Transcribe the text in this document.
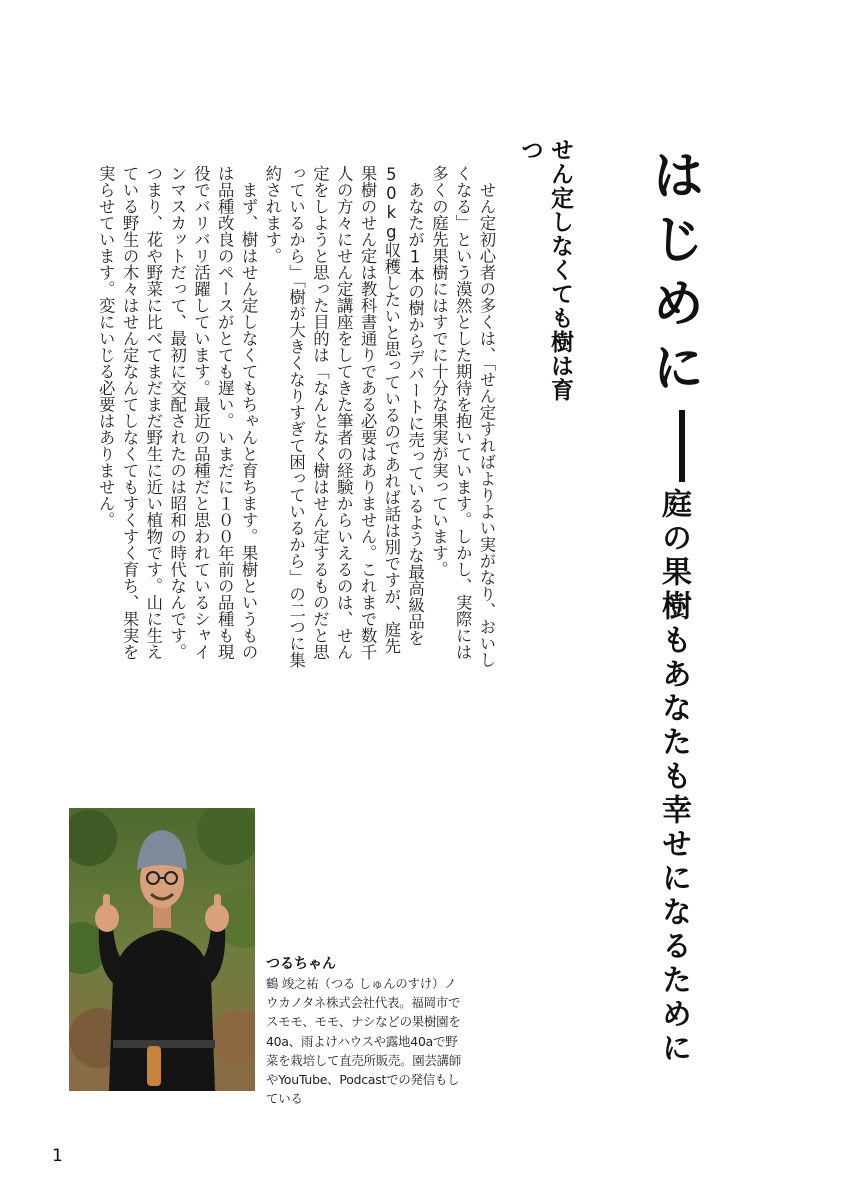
はじめに庭の果樹もあなたも幸せになるために
せん定しなくても樹は育つ

　せん定初心者の多くは、「せん定すればよりよい実がなり、おいしくなる」という漠然とした期待を抱いています。しかし、実際には多くの庭先果樹にはすでに十分な果実が実っています。

　あなたが1本の樹からデパートに売っているような最高級品を50kg収穫したいと思っているのであれば話は別ですが、庭先果樹のせん定は教科書通りである必要はありません。これまで数千人の方々にせん定講座をしてきた筆者の経験からいえるのは、せん定をしようと思った目的は「なんとなく樹はせん定するものだと思っているから」「樹が大きくなりすぎて困っているから」の二つに集約されます。

　まず、樹はせん定しなくてもちゃんと育ちます。果樹というものは品種改良のペースがとても遅い。いまだに１００年前の品種も現役でバリバリ活躍しています。最近の品種だと思われているシャインマスカットだって、最初に交配されたのは昭和の時代なんです。つまり、花や野菜に比べてまだまだ野生に近い植物です。山に生えている野生の木々はせん定なんてしなくてもすくすく育ち、果実を実らせています。変にいじる必要はありません。

つるちゃん

鶴 竣之祐（つる しゅんのすけ）ノウカノタネ株式会社代表。福岡市でスモモ、モモ、ナシなどの果樹園を40a、雨よけハウスや露地40aで野菜を栽培して直売所販売。園芸講師やYouTube、Podcastでの発信もしている

1
